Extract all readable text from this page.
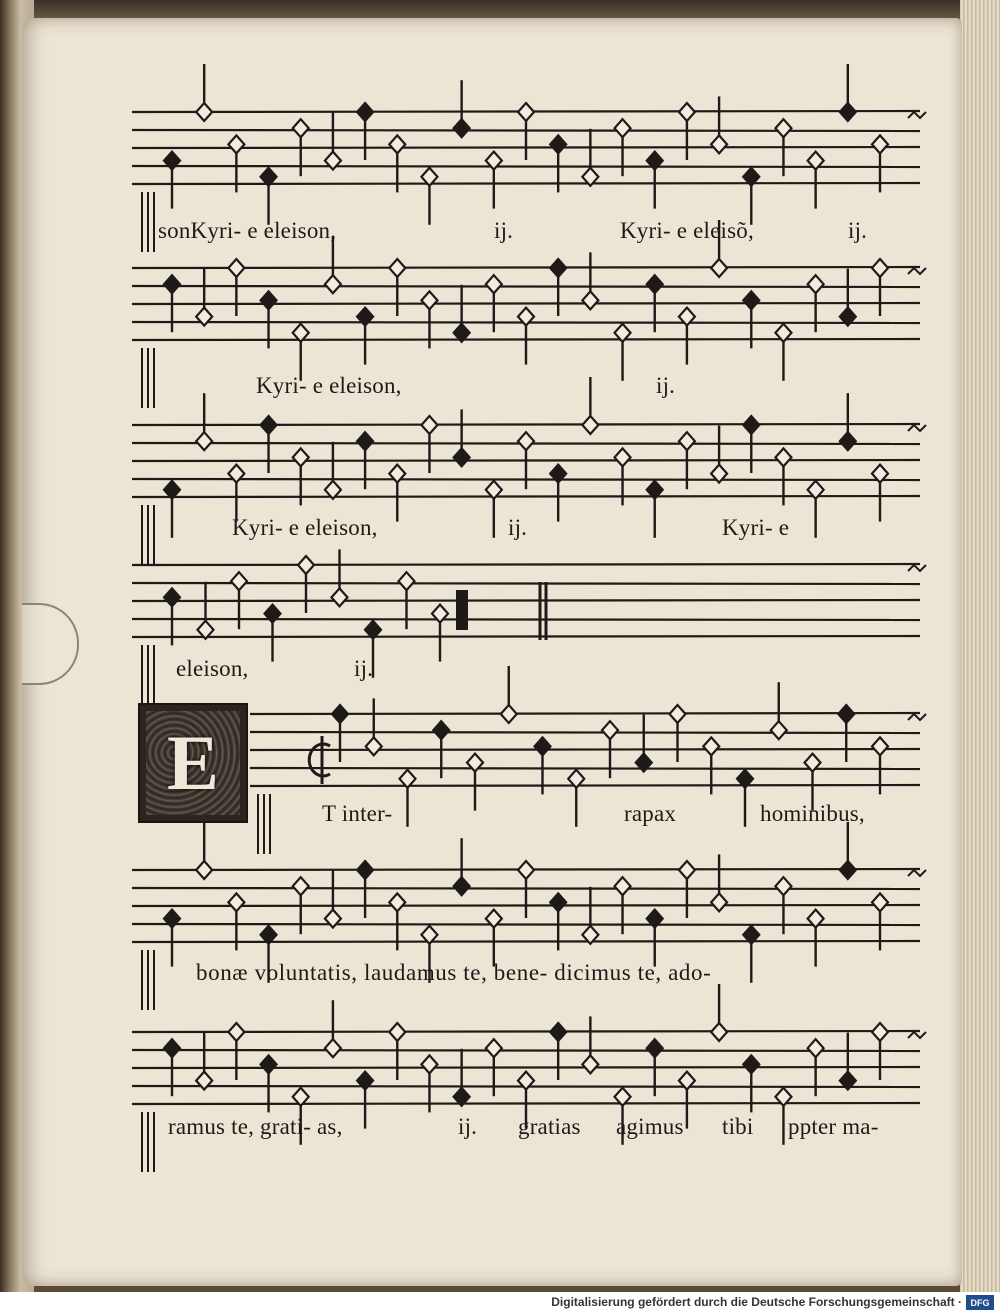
E
sonKyri- e eleison,	ij.	Kyri- e eleisõ,	ij.
Kyri- e eleison,	ij.
Kyri- e eleison,	ij.	Kyri- e
eleison,	ij.
T inter-	rapax	hominibus,
bonæ voluntatis, laudamus te, bene- dicimus te, ado-
ramus te, grati- as,	ij. gratias agimus tibi ppter ma-
Digitalisierung gefördert durch die Deutsche Forschungsgemeinschaft · DFG
